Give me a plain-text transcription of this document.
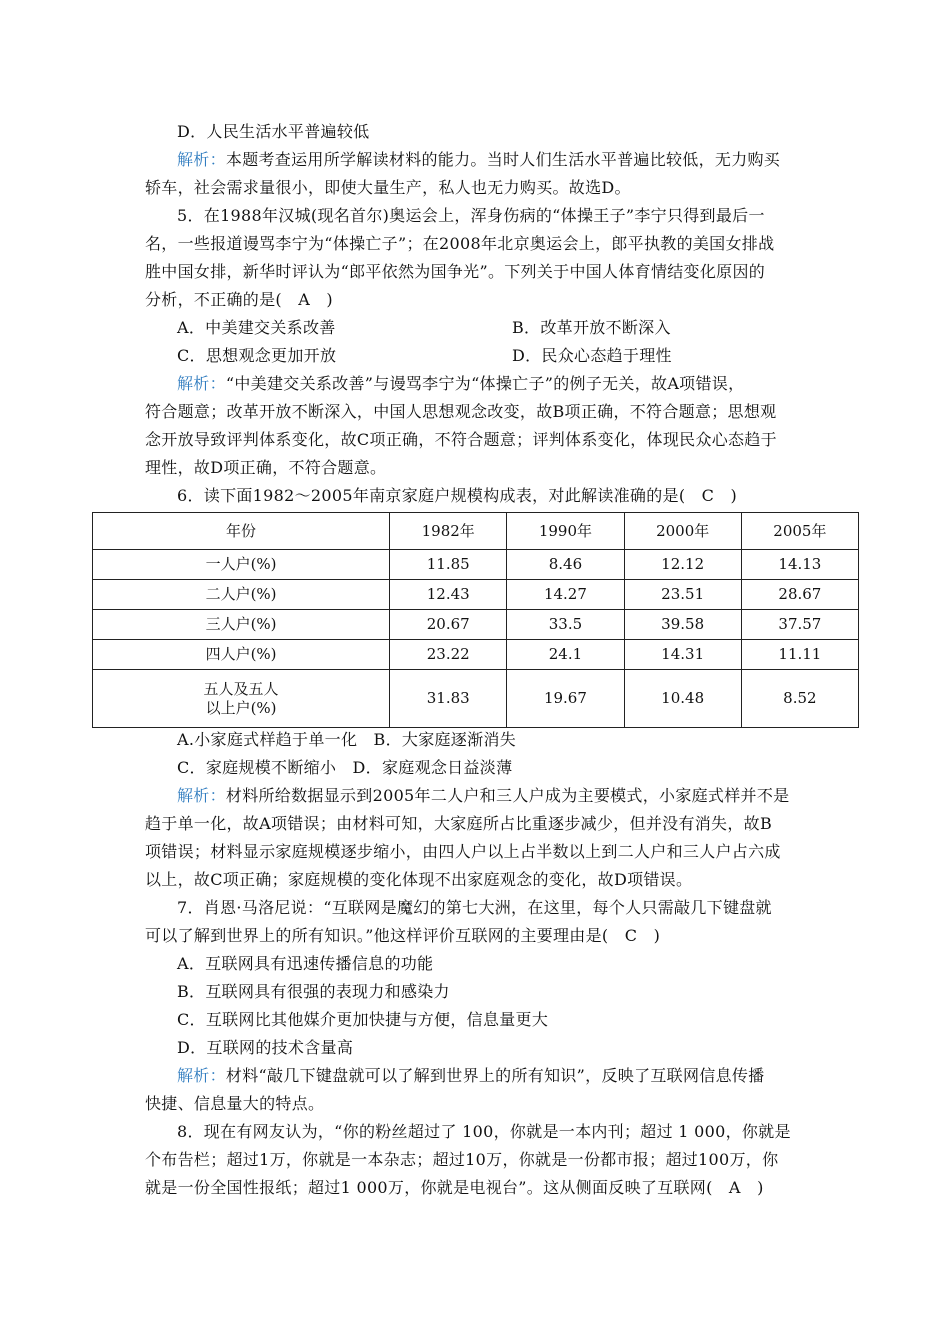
D．人民生活水平普遍较低
解析：本题考查运用所学解读材料的能力。当时人们生活水平普遍比较低，无力购买
轿车，社会需求量很小，即使大量生产，私人也无力购买。故选D。
5．在1988年汉城(现名首尔)奥运会上，浑身伤病的“体操王子”李宁只得到最后一
名，一些报道谩骂李宁为“体操亡子”；在2008年北京奥运会上，郎平执教的美国女排战
胜中国女排，新华时评认为“郎平依然为国争光”。下列关于中国人体育情结变化原因的
分析，不正确的是(　A　)
A．中美建交关系改善	B．改革开放不断深入
C．思想观念更加开放	D．民众心态趋于理性
解析：“中美建交关系改善”与谩骂李宁为“体操亡子”的例子无关，故A项错误，
符合题意；改革开放不断深入，中国人思想观念改变，故B项正确，不符合题意；思想观
念开放导致评判体系变化，故C项正确，不符合题意；评判体系变化，体现民众心态趋于
理性，故D项正确，不符合题意。
6．读下面1982～2005年南京家庭户规模构成表，对此解读准确的是(　C　)
年份	1982年	1990年	2000年	2005年
一人户(%)	11.85	8.46	12.12	14.13
二人户(%)	12.43	14.27	23.51	28.67
三人户(%)	20.67	33.5	39.58	37.57
四人户(%)	23.22	24.1	14.31	11.11

五人及五人
以上户(%)	31.83	19.67	10.48	8.52
A.小家庭式样趋于单一化　B．大家庭逐渐消失
C．家庭规模不断缩小　D．家庭观念日益淡薄
解析：材料所给数据显示到2005年二人户和三人户成为主要模式，小家庭式样并不是
趋于单一化，故A项错误；由材料可知，大家庭所占比重逐步减少，但并没有消失，故B
项错误；材料显示家庭规模逐步缩小，由四人户以上占半数以上到二人户和三人户占六成
以上，故C项正确；家庭规模的变化体现不出家庭观念的变化，故D项错误。
7．肖恩·马洛尼说：“互联网是魔幻的第七大洲，在这里，每个人只需敲几下键盘就
可以了解到世界上的所有知识。”他这样评价互联网的主要理由是(　C　)
A．互联网具有迅速传播信息的功能
B．互联网具有很强的表现力和感染力
C．互联网比其他媒介更加快捷与方便，信息量更大
D．互联网的技术含量高
解析：材料“敲几下键盘就可以了解到世界上的所有知识”，反映了互联网信息传播
快捷、信息量大的特点。
8．现在有网友认为，“你的粉丝超过了 100，你就是一本内刊；超过 1 000，你就是
个布告栏；超过1万，你就是一本杂志；超过10万，你就是一份都市报；超过100万，你
就是一份全国性报纸；超过1 000万，你就是电视台”。这从侧面反映了互联网(　A　)
